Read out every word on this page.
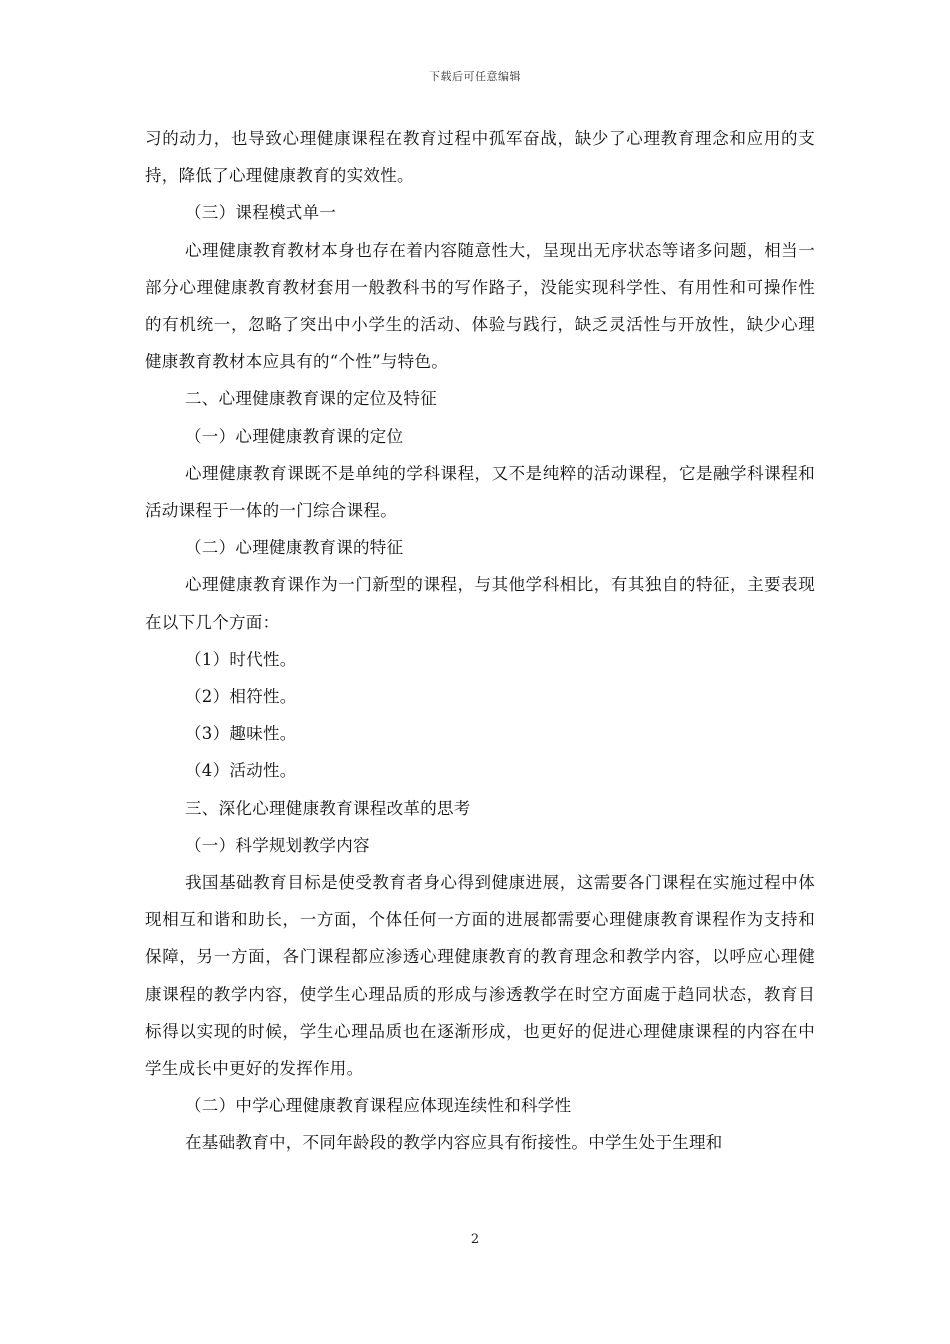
下载后可任意编辑

习的动力，也导致心理健康课程在教育过程中孤军奋战，缺少了心理教育理念和应用的支持，降低了心理健康教育的实效性。

（三）课程模式单一

心理健康教育教材本身也存在着内容随意性大，呈现出无序状态等诸多问题，相当一部分心理健康教育教材套用一般教科书的写作路子，没能实现科学性、有用性和可操作性的有机统一，忽略了突出中小学生的活动、体验与践行，缺乏灵活性与开放性，缺少心理健康教育教材本应具有的“个性”与特色。

二、心理健康教育课的定位及特征

（一）心理健康教育课的定位

心理健康教育课既不是单纯的学科课程，又不是纯粹的活动课程，它是融学科课程和活动课程于一体的一门综合课程。

（二）心理健康教育课的特征

心理健康教育课作为一门新型的课程，与其他学科相比，有其独自的特征，主要表现在以下几个方面：

（1）时代性。

（2）相符性。

（3）趣味性。

（4）活动性。

三、深化心理健康教育课程改革的思考

（一）科学规划教学内容

我国基础教育目标是使受教育者身心得到健康进展，这需要各门课程在实施过程中体现相互和谐和助长，一方面，个体任何一方面的进展都需要心理健康教育课程作为支持和保障，另一方面，各门课程都应渗透心理健康教育的教育理念和教学内容，以呼应心理健康课程的教学内容，使学生心理品质的形成与渗透教学在时空方面處于趋同状态，教育目标得以实现的时候，学生心理品质也在逐渐形成，也更好的促进心理健康课程的内容在中学生成长中更好的发挥作用。

（二）中学心理健康教育课程应体现连续性和科学性

在基础教育中，不同年龄段的教学内容应具有衔接性。中学生处于生理和

2
